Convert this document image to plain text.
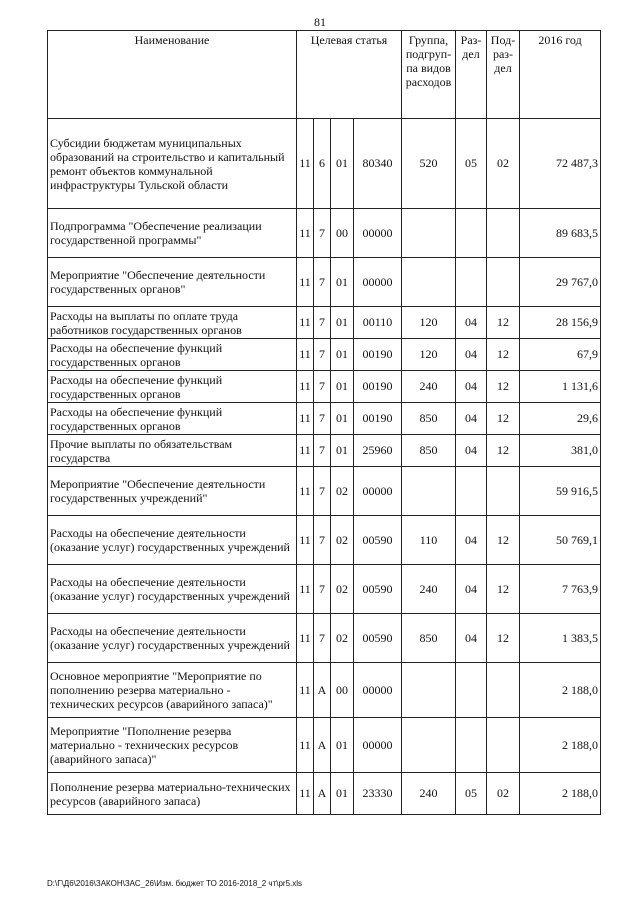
81
Наименование	Целевая статья				Группа, подгруп-па видов расходов	Раз-дел	Под-раз-дел	2016 год
Субсидии бюджетам муниципальных образований на строительство и капитальный ремонт объектов коммунальной инфраструктуры Тульской области	11	6	01	80340	520	05	02	72 487,3
Подпрограмма "Обеспечение реализации государственной программы"	11	7	00	00000				89 683,5
Мероприятие "Обеспечение деятельности государственных органов"	11	7	01	00000				29 767,0
Расходы на выплаты по оплате труда работников государственных органов	11	7	01	00110	120	04	12	28 156,9
Расходы на обеспечение функций государственных органов	11	7	01	00190	120	04	12	67,9
Расходы на обеспечение функций государственных органов	11	7	01	00190	240	04	12	1 131,6
Расходы на обеспечение функций государственных органов	11	7	01	00190	850	04	12	29,6
Прочие выплаты по обязательствам государства	11	7	01	25960	850	04	12	381,0
Мероприятие "Обеспечение деятельности государственных учреждений"	11	7	02	00000				59 916,5
Расходы на обеспечение деятельности (оказание услуг) государственных учреждений	11	7	02	00590	110	04	12	50 769,1
Расходы на обеспечение деятельности (оказание услуг) государственных учреждений	11	7	02	00590	240	04	12	7 763,9
Расходы на обеспечение деятельности (оказание услуг) государственных учреждений	11	7	02	00590	850	04	12	1 383,5
Основное мероприятие "Мероприятие по пополнению резерва материально - технических ресурсов (аварийного запаса)"	11	А	00	00000				2 188,0
Мероприятие "Пополнение резерва материально - технических ресурсов (аварийного запаса)"	11	А	01	00000				2 188,0
Пополнение резерва материально-технических ресурсов (аварийного запаса)	11	А	01	23330	240	05	02	2 188,0
D:\Г\Д6\2016\ЗАКОН\ЗАС_26\Изм. бюджет ТО 2016-2018_2 чт\pr5.xls
